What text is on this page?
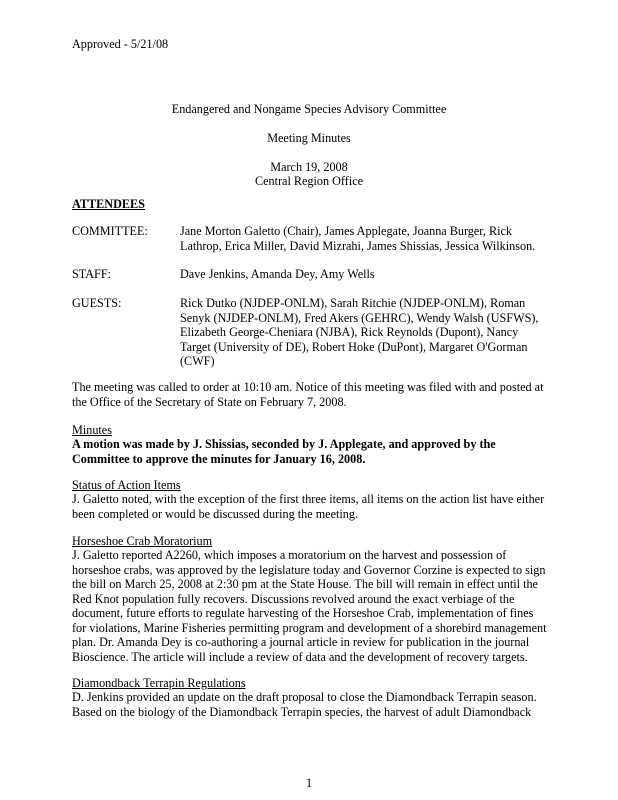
Approved - 5/21/08
Endangered and Nongame Species Advisory Committee
Meeting Minutes
March 19, 2008
Central Region Office
ATTENDEES
COMMITTEE:	Jane Morton Galetto (Chair), James Applegate, Joanna Burger, Rick
Lathrop, Erica Miller, David Mizrahi, James Shissias, Jessica Wilkinson.
STAFF:	Dave Jenkins, Amanda Dey, Amy Wells
GUESTS:	Rick Dutko (NJDEP-ONLM), Sarah Ritchie (NJDEP-ONLM), Roman
Senyk (NJDEP-ONLM), Fred Akers (GEHRC), Wendy Walsh (USFWS),
Elizabeth George-Cheniara (NJBA), Rick Reynolds (Dupont), Nancy
Target (University of DE), Robert Hoke (DuPont), Margaret O'Gorman
(CWF)
The meeting was called to order at 10:10 am. Notice of this meeting was filed with and posted at
the Office of the Secretary of State on February 7, 2008.
Minutes
A motion was made by J. Shissias, seconded by J. Applegate, and approved by the
Committee to approve the minutes for January 16, 2008.
Status of Action Items
J. Galetto noted, with the exception of the first three items, all items on the action list have either
been completed or would be discussed during the meeting.
Horseshoe Crab Moratorium
J. Galetto reported A2260, which imposes a moratorium on the harvest and possession of
horseshoe crabs, was approved by the legislature today and Governor Corzine is expected to sign
the bill on March 25, 2008 at 2:30 pm at the State House. The bill will remain in effect until the
Red Knot population fully recovers. Discussions revolved around the exact verbiage of the
document, future efforts to regulate harvesting of the Horseshoe Crab, implementation of fines
for violations, Marine Fisheries permitting program and development of a shorebird management
plan. Dr. Amanda Dey is co-authoring a journal article in review for publication in the journal
Bioscience. The article will include a review of data and the development of recovery targets.
Diamondback Terrapin Regulations
D. Jenkins provided an update on the draft proposal to close the Diamondback Terrapin season.
Based on the biology of the Diamondback Terrapin species, the harvest of adult Diamondback
1
